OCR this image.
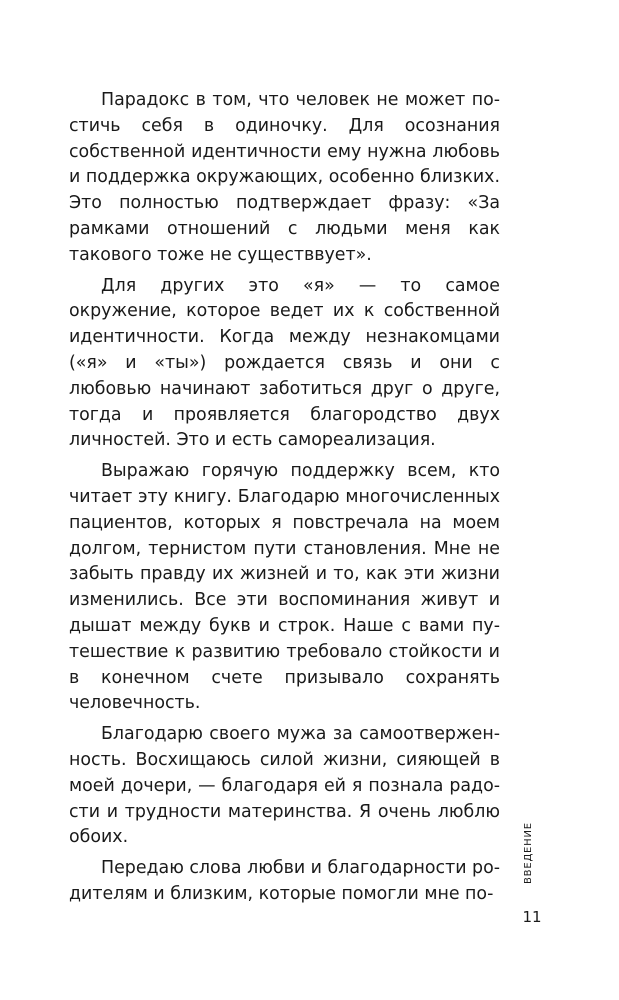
Парадокс в том, что человек не может постичь себя в одиночку. Для осознания собственной идентичности ему нужна любовь и поддержка окружающих, особенно близких. Это полностью подтверждает фразу: «За рамками отношений с людьми меня как такового тоже не существвует».

Для других это «я» — то самое окружение, которое ведет их к собственной идентичности. Когда между незнакомцами («я» и «ты») рождается связь и они с любовью начинают заботиться друг о друге, тогда и проявляется благородство двух личностей. Это и есть самореализация.

Выражаю горячую поддержку всем, кто читает эту книгу. Благодарю многочисленных пациентов, которых я повстречала на моем долгом, тернистом пути становления. Мне не забыть правду их жизней и то, как эти жизни изменились. Все эти воспоминания живут и дышат между букв и строк. Наше с вами путешествие к развитию требовало стойкости и в конечном счете призывало сохранять человечность.

Благодарю своего мужа за самоотверженность. Восхищаюсь силой жизни, сияющей в моей дочери, — благодаря ей я познала радости и трудности материнства. Я очень люблю обоих.

Передаю слова любви и благодарности родителям и близким, которые помогли мне по-

ВВЕДЕНИЕ
11
